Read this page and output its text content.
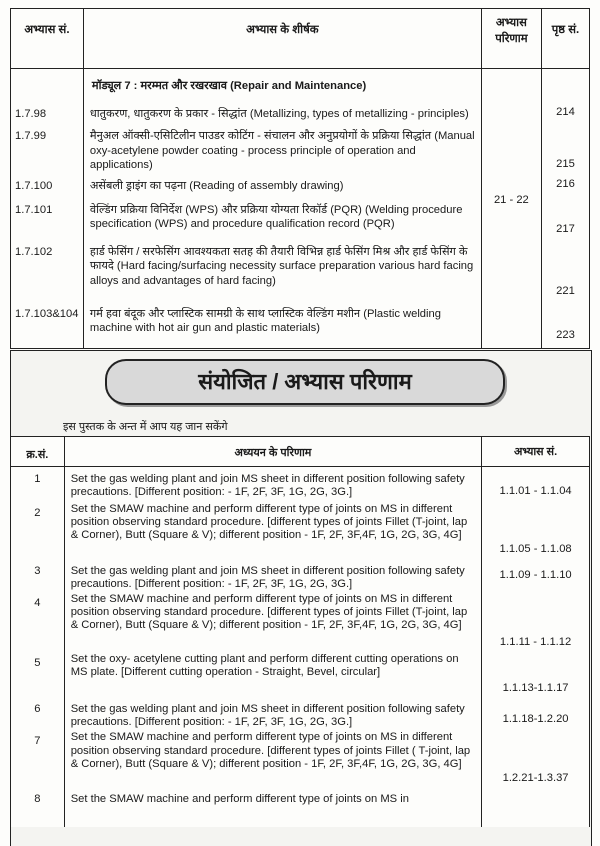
अभ्यास सं.	अभ्यास के शीर्षक	अभ्यास परिणाम	पृष्ठ सं.
	मॉड्यूल 7 : मरम्मत और रखरखाव (Repair and Maintenance)	21 - 22	
1.7.98	धातुकरण, धातुकरण के प्रकार - सिद्धांत (Metallizing, types of metallizing - principles)		214
1.7.99	मैनुअल ऑक्सी-एसिटिलीन पाउडर कोटिंग - संचालन और अनुप्रयोगों के प्रक्रिया सिद्धांत (Manual oxy-acetylene powder coating - process principle of operation and applications)		215
1.7.100	असेंबली ड्राइंग का पढ़ना (Reading of assembly drawing)		216
1.7.101	वेल्डिंग प्रक्रिया विनिर्देश (WPS) और प्रक्रिया योग्यता रिकॉर्ड (PQR) (Welding procedure specification (WPS) and procedure qualification record (PQR)		217
1.7.102	हार्ड फेसिंग / सरफेसिंग आवश्यकता सतह की तैयारी विभिन्न हार्ड फेसिंग मिश्र और हार्ड फेसिंग के फायदे (Hard facing/surfacing necessity surface preparation various hard facing alloys and advantages of hard facing)		221
1.7.103&104	गर्म हवा बंदूक और प्लास्टिक सामग्री के साथ प्लास्टिक वेल्डिंग मशीन (Plastic welding machine with hot air gun and plastic materials)		223
संयोजित / अभ्यास परिणाम
इस पुस्तक के अन्त में आप यह जान सकेंगे
क्र.सं.	अध्ययन के परिणाम	अभ्यास सं.
1	Set the gas welding plant and join MS sheet in different position following safety precautions. [Different position: - 1F, 2F, 3F, 1G, 2G, 3G.]	1.1.01 - 1.1.04
2	Set the SMAW machine and perform different type of joints on MS in different position observing standard procedure. [different types of joints Fillet (T-joint, lap & Corner), Butt (Square & V); different position - 1F, 2F, 3F,4F, 1G, 2G, 3G, 4G]	1.1.05 - 1.1.08
3	Set the gas welding plant and join MS sheet in different position following safety precautions. [Different position: - 1F, 2F, 3F, 1G, 2G, 3G.]	1.1.09 - 1.1.10
4	Set the SMAW machine and perform different type of joints on MS in different position observing standard procedure. [different types of joints Fillet (T-joint, lap & Corner), Butt (Square & V); different position - 1F, 2F, 3F,4F, 1G, 2G, 3G, 4G]	1.1.11 - 1.1.12
5	Set the oxy- acetylene cutting plant and perform different cutting operations on MS plate. [Different cutting operation - Straight, Bevel, circular]	1.1.13-1.1.17
6	Set the gas welding plant and join MS sheet in different position following safety precautions. [Different position: - 1F, 2F, 3F, 1G, 2G, 3G.]	1.1.18-1.2.20
7	Set the SMAW machine and perform different type of joints on MS in different position observing standard procedure. [different types of joints Fillet ( T-joint, lap & Corner), Butt (Square & V); different position - 1F, 2F, 3F,4F, 1G, 2G, 3G, 4G]	1.2.21-1.3.37
8	Set the SMAW machine and perform different type of joints on MS in	
